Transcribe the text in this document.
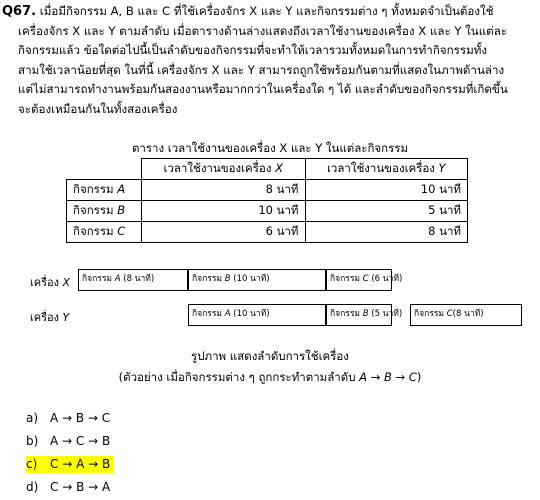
Q67. เมื่อมีกิจกรรม A, B และ C ที่ใช้เครื่องจักร X และ Y และกิจกรรมต่าง ๆ ทั้งหมดจำเป็นต้องใช้
เครื่องจักร X และ Y ตามลำดับ เมื่อตารางด้านล่างแสดงถึงเวลาใช้งานของเครื่อง X และ Y ในแต่ละ
กิจกรรมแล้ว ข้อใดต่อไปนี้เป็นลำดับของกิจกรรมที่จะทำให้เวลารวมทั้งหมดในการทำกิจกรรมทั้ง
สามใช้เวลาน้อยที่สุด ในที่นี้ เครื่องจักร X และ Y สามารถถูกใช้พร้อมกันตามที่แสดงในภาพด้านล่าง
แต่ไม่สามารถทำงานพร้อมกันสองงานหรือมากกว่าในเครื่องใด ๆ ได้ และลำดับของกิจกรรมที่เกิดขึ้น
จะต้องเหมือนกันในทั้งสองเครื่อง
ตาราง เวลาใช้งานของเครื่อง X และ Y ในแต่ละกิจกรรม
	เวลาใช้งานของเครื่อง X	เวลาใช้งานของเครื่อง Y
กิจกรรม A	8 นาที	10 นาที
กิจกรรม B	10 นาที	5 นาที
กิจกรรม C	6 นาที	8 นาที
เครื่อง X	กิจกรรม A (8 นาที)	กิจกรรม B (10 นาที)	กิจกรรม C (6 นาที)
เครื่อง Y	กิจกรรม A (10 นาที)	กิจกรรม B (5 นาที)	กิจกรรม C(8 นาที)
รูปภาพ แสดงลำดับการใช้เครื่อง
(ตัวอย่าง เมื่อกิจกรรมต่าง ๆ ถูกกระทำตามลำดับ A → B → C)
a) A → B → C
b) A → C → B
c) C → A → B
d) C → B → A
